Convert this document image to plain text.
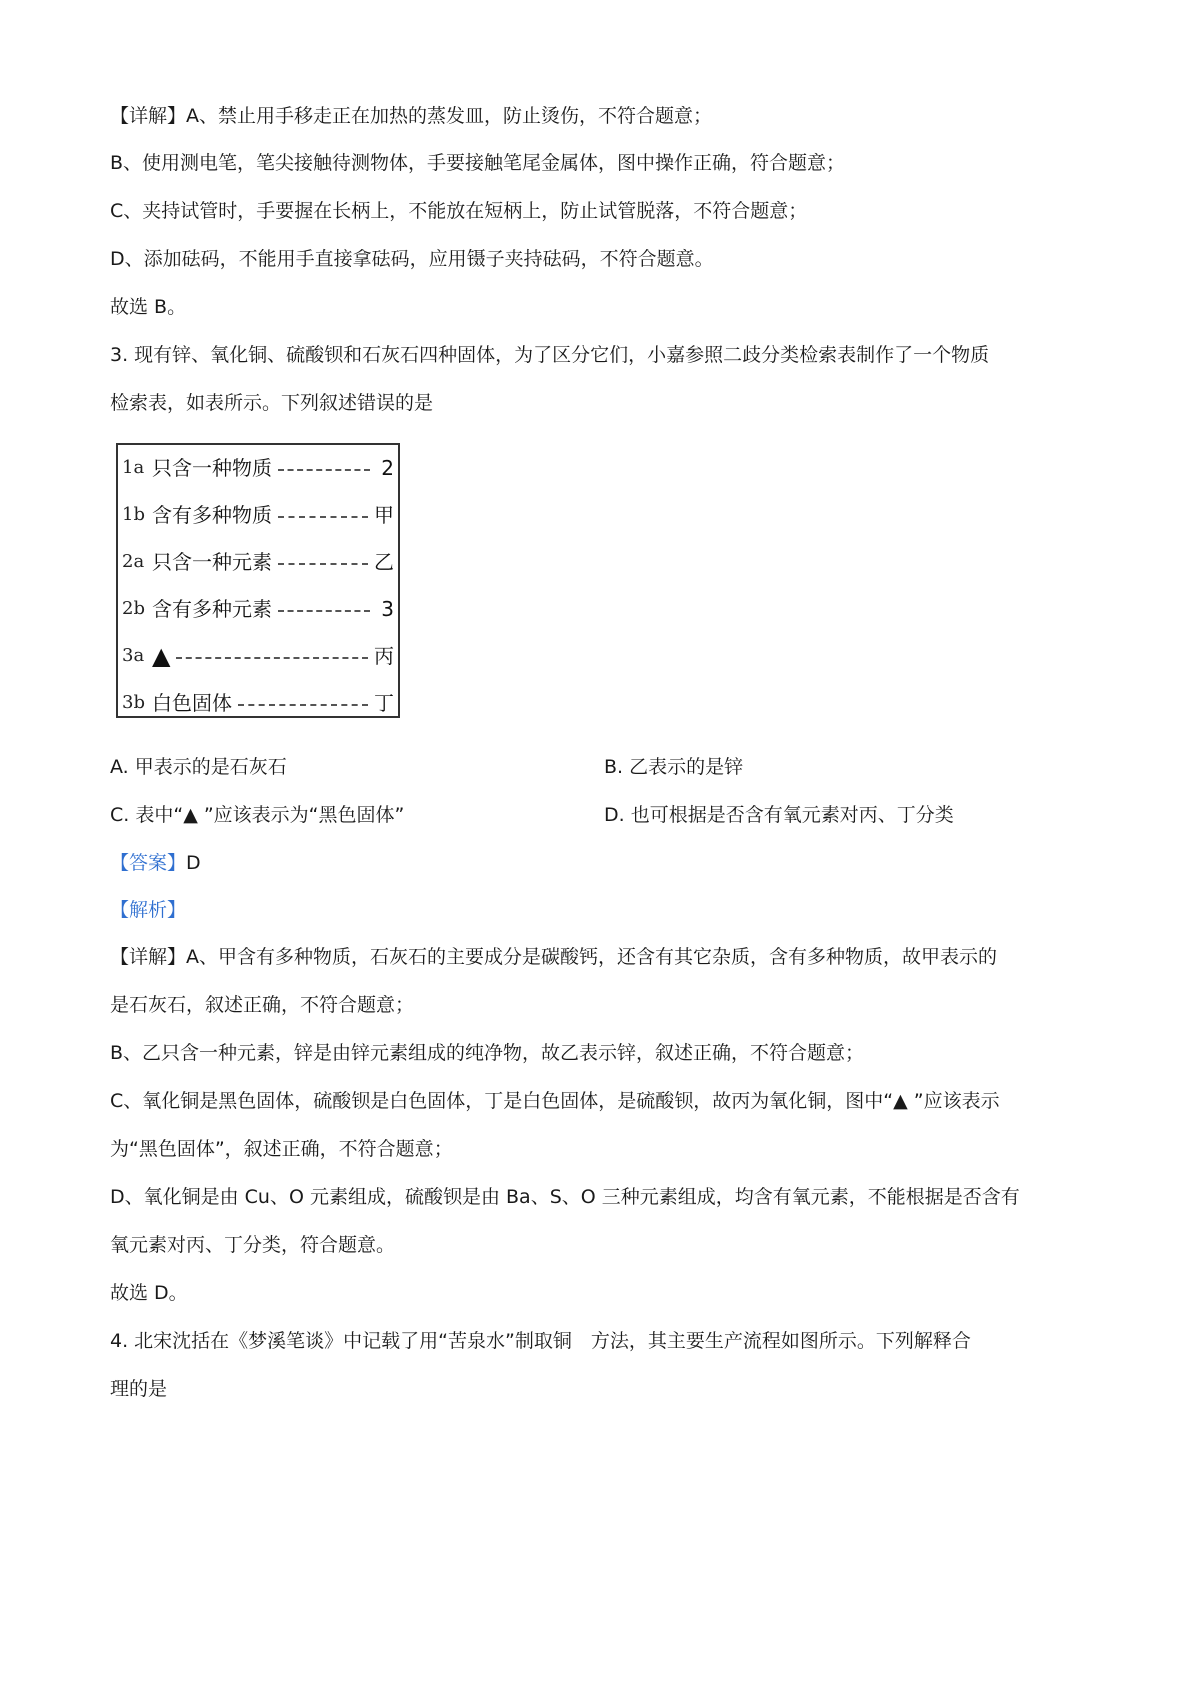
【详解】A、禁止用手移走正在加热的蒸发皿，防止烫伤，不符合题意；
B、使用测电笔，笔尖接触待测物体，手要接触笔尾金属体，图中操作正确，符合题意；
C、夹持试管时，手要握在长柄上，不能放在短柄上，防止试管脱落，不符合题意；
D、添加砝码，不能用手直接拿砝码，应用镊子夹持砝码，不符合题意。
故选 B。
3. 现有锌、氧化铜、硫酸钡和石灰石四种固体，为了区分它们，小嘉参照二歧分类检索表制作了一个物质
检索表，如表所示。下列叙述错误的是
1a 只含一种物质	2
1b 含有多种物质	甲
2a 只含一种元素	乙
2b 含有多种元素	3
3a ▲	丙
3b 白色固体	丁
A. 甲表示的是石灰石	B. 乙表示的是锌
C. 表中“▲ ”应该表示为“黑色固体”	D. 也可根据是否含有氧元素对丙、丁分类
【答案】D
【解析】
【详解】A、甲含有多种物质，石灰石的主要成分是碳酸钙，还含有其它杂质，含有多种物质，故甲表示的
是石灰石，叙述正确，不符合题意；
B、乙只含一种元素，锌是由锌元素组成的纯净物，故乙表示锌，叙述正确，不符合题意；
C、氧化铜是黑色固体，硫酸钡是白色固体，丁是白色固体，是硫酸钡，故丙为氧化铜，图中“▲ ”应该表示
为“黑色固体”，叙述正确，不符合题意；
D、氧化铜是由 Cu、O 元素组成，硫酸钡是由 Ba、S、O 三种元素组成，均含有氧元素，不能根据是否含有
氧元素对丙、丁分类，符合题意。
故选 D。
4. 北宋沈括在《梦溪笔谈》中记载了用“苦泉水”制取铜　方法，其主要生产流程如图所示。下列解释合
理的是
